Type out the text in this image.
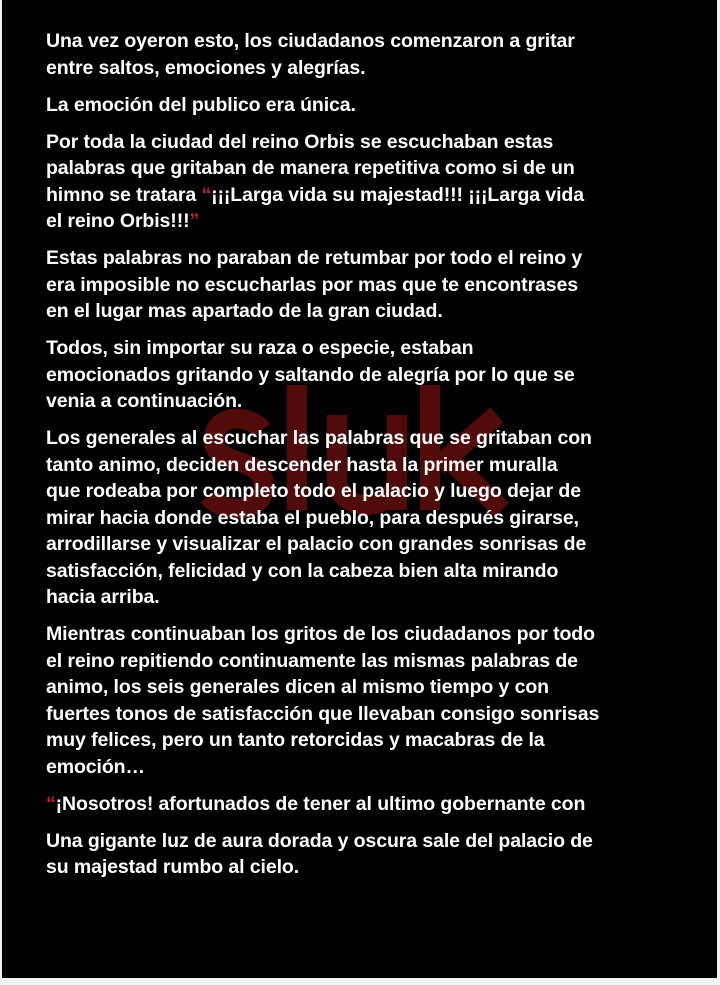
Una vez oyeron esto, los ciudadanos comenzaron a gritar
entre saltos, emociones y alegrías.
La emoción del publico era única.
Por toda la ciudad del reino Orbis se escuchaban estas
palabras que gritaban de manera repetitiva como si de un
himno se tratara “¡¡¡Larga vida su majestad!!! ¡¡¡Larga vida
el reino Orbis!!!”
Estas palabras no paraban de retumbar por todo el reino y
era imposible no escucharlas por mas que te encontrases
en el lugar mas apartado de la gran ciudad.
Todos, sin importar su raza o especie, estaban
emocionados gritando y saltando de alegría por lo que se
venia a continuación.
Los generales al escuchar las palabras que se gritaban con
tanto animo, deciden descender hasta la primer muralla
que rodeaba por completo todo el palacio y luego dejar de
mirar hacia donde estaba el pueblo, para después girarse,
arrodillarse y visualizar el palacio con grandes sonrisas de
satisfacción, felicidad y con la cabeza bien alta mirando
hacia arriba.
Mientras continuaban los gritos de los ciudadanos por todo
el reino repitiendo continuamente las mismas palabras de
animo, los seis generales dicen al mismo tiempo y con
fuertes tonos de satisfacción que llevaban consigo sonrisas
muy felices, pero un tanto retorcidas y macabras de la
emoción…
“¡Nosotros! afortunados de tener al ultimo gobernante con
Una gigante luz de aura dorada y oscura sale del palacio de
su majestad rumbo al cielo.
